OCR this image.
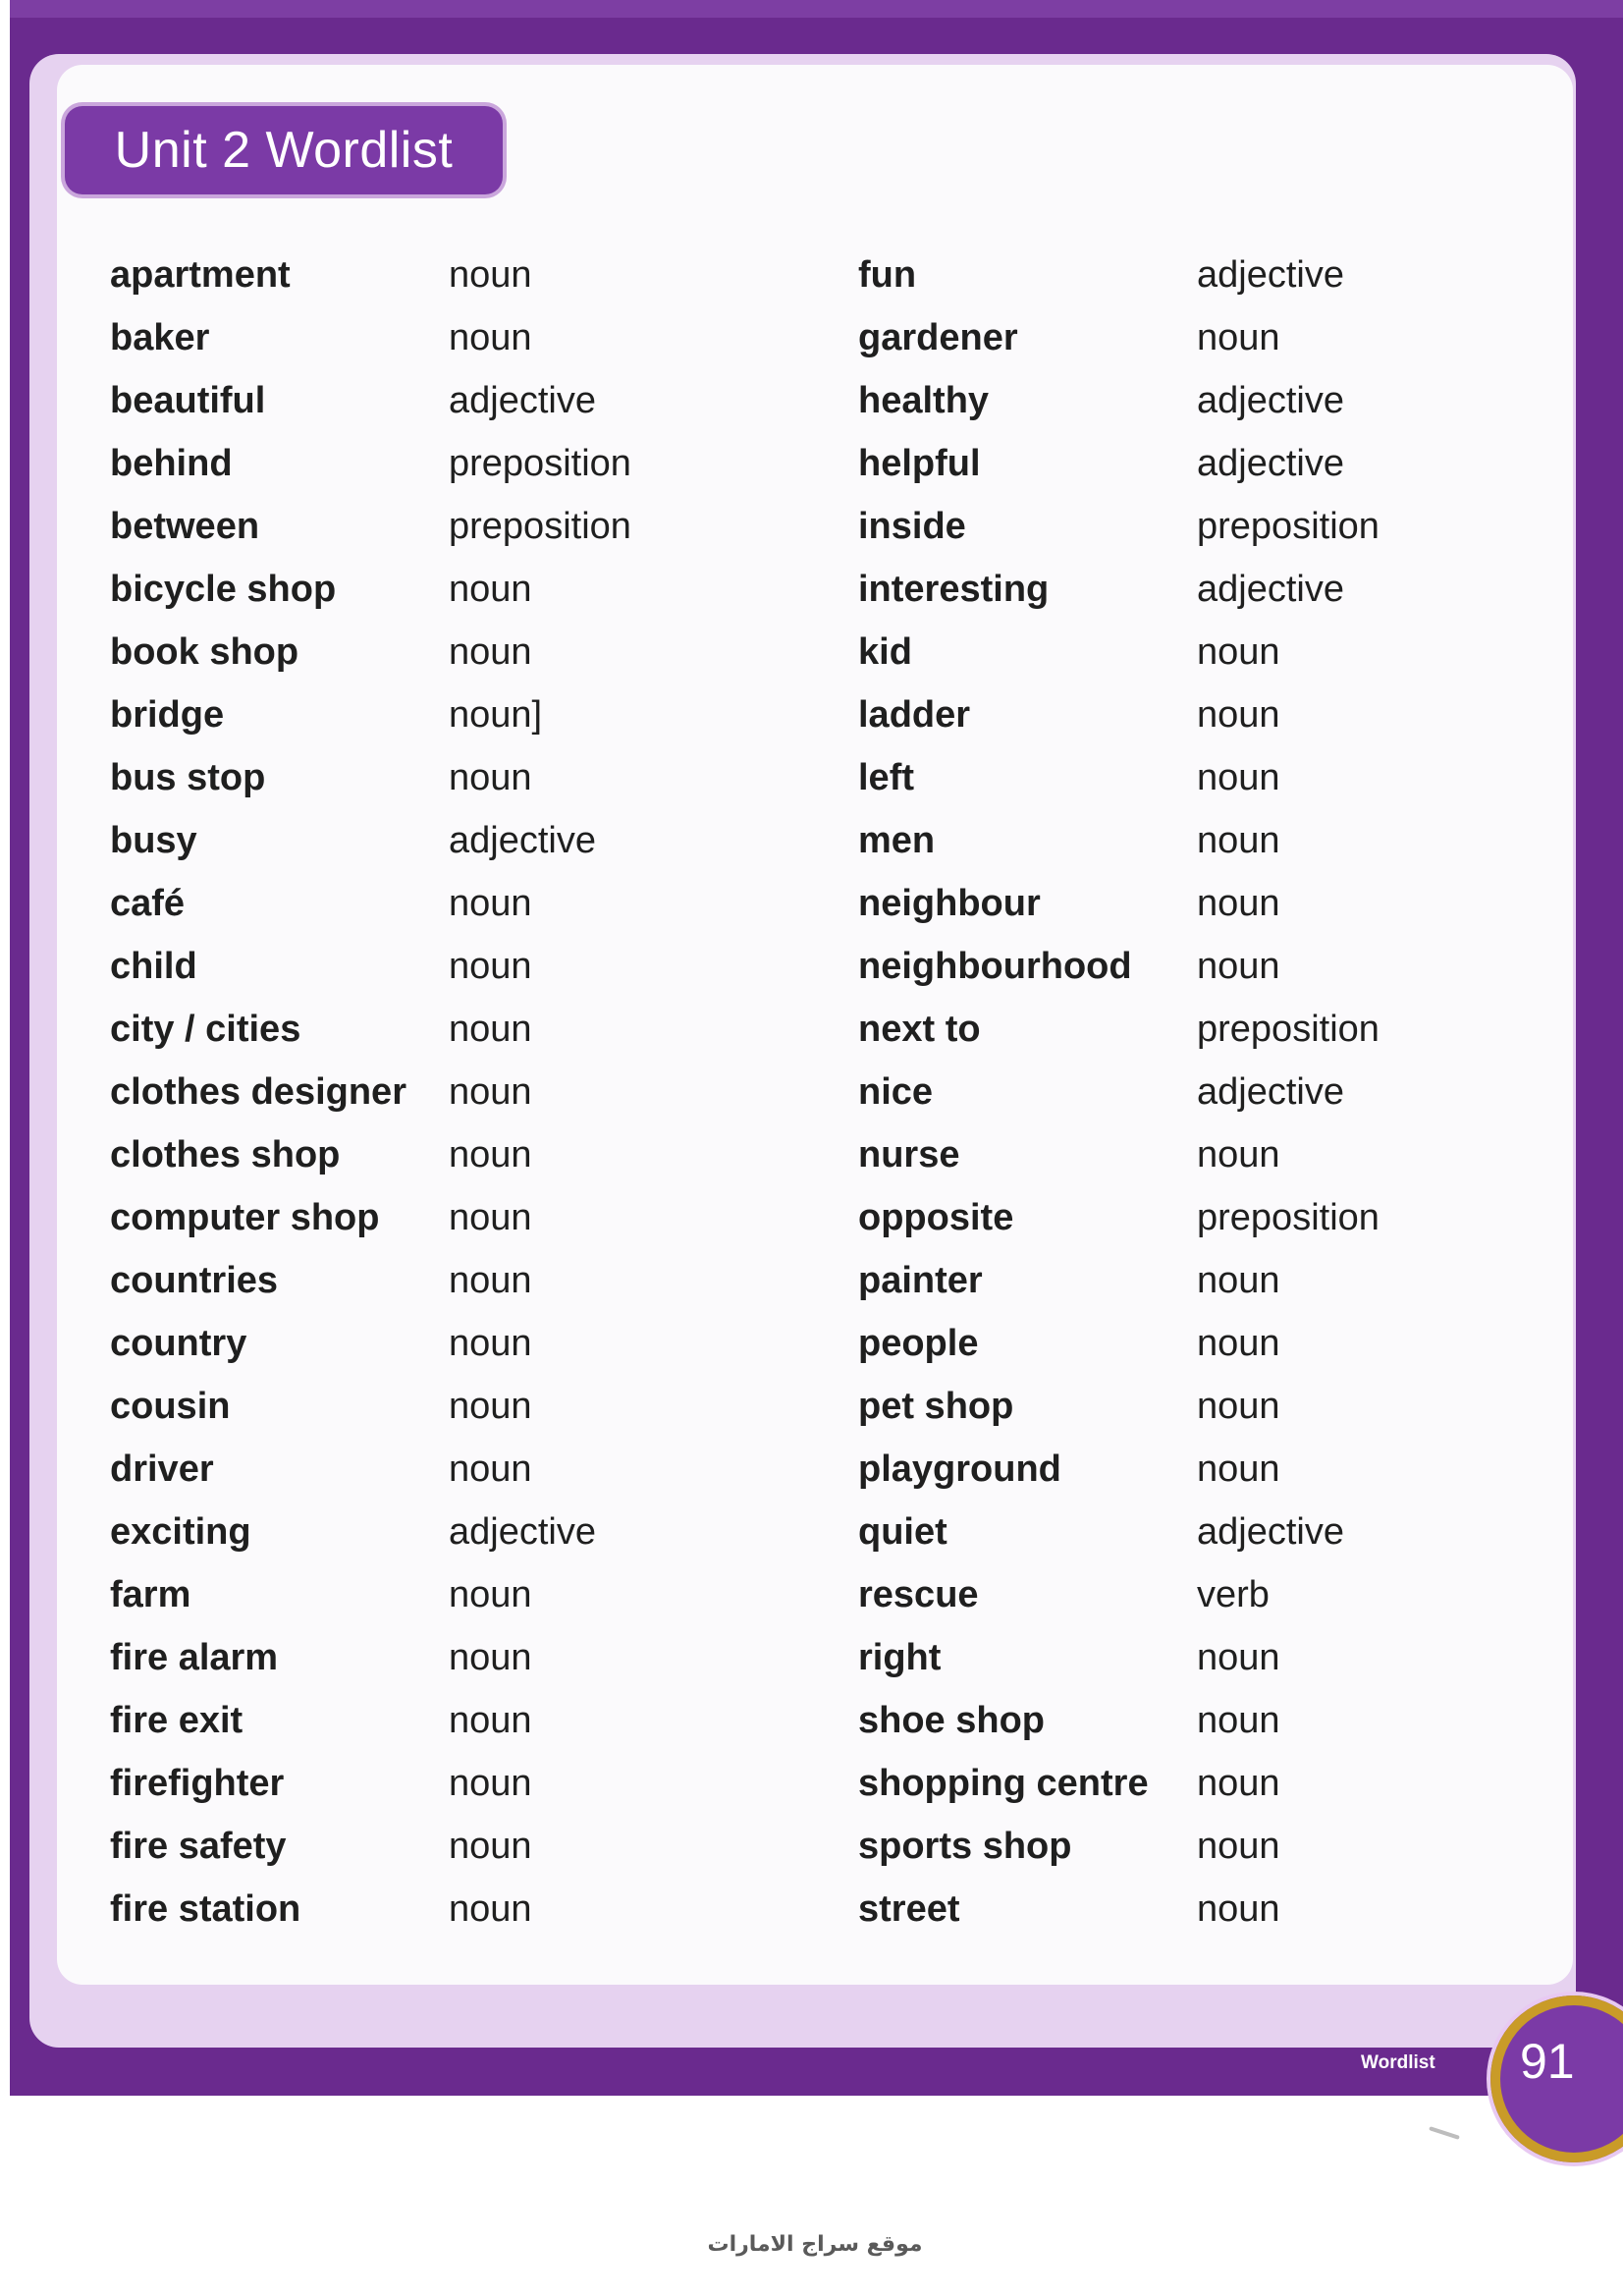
Unit 2 Wordlist
apartment	noun
baker	noun
beautiful	adjective
behind	preposition
between	preposition
bicycle shop	noun
book shop	noun
bridge	noun]
bus stop	noun
busy	adjective
café	noun
child	noun
city / cities	noun
clothes designer	noun
clothes shop	noun
computer shop	noun
countries	noun
country	noun
cousin	noun
driver	noun
exciting	adjective
farm	noun
fire alarm	noun
fire exit	noun
firefighter	noun
fire safety	noun
fire station	noun
fun	adjective
gardener	noun
healthy	adjective
helpful	adjective
inside	preposition
interesting	adjective
kid	noun
ladder	noun
left	noun
men	noun
neighbour	noun
neighbourhood	noun
next to	preposition
nice	adjective
nurse	noun
opposite	preposition
painter	noun
people	noun
pet shop	noun
playground	noun
quiet	adjective
rescue	verb
right	noun
shoe shop	noun
shopping centre	noun
sports shop	noun
street	noun
Wordlist 91
موقع سراج الامارات
